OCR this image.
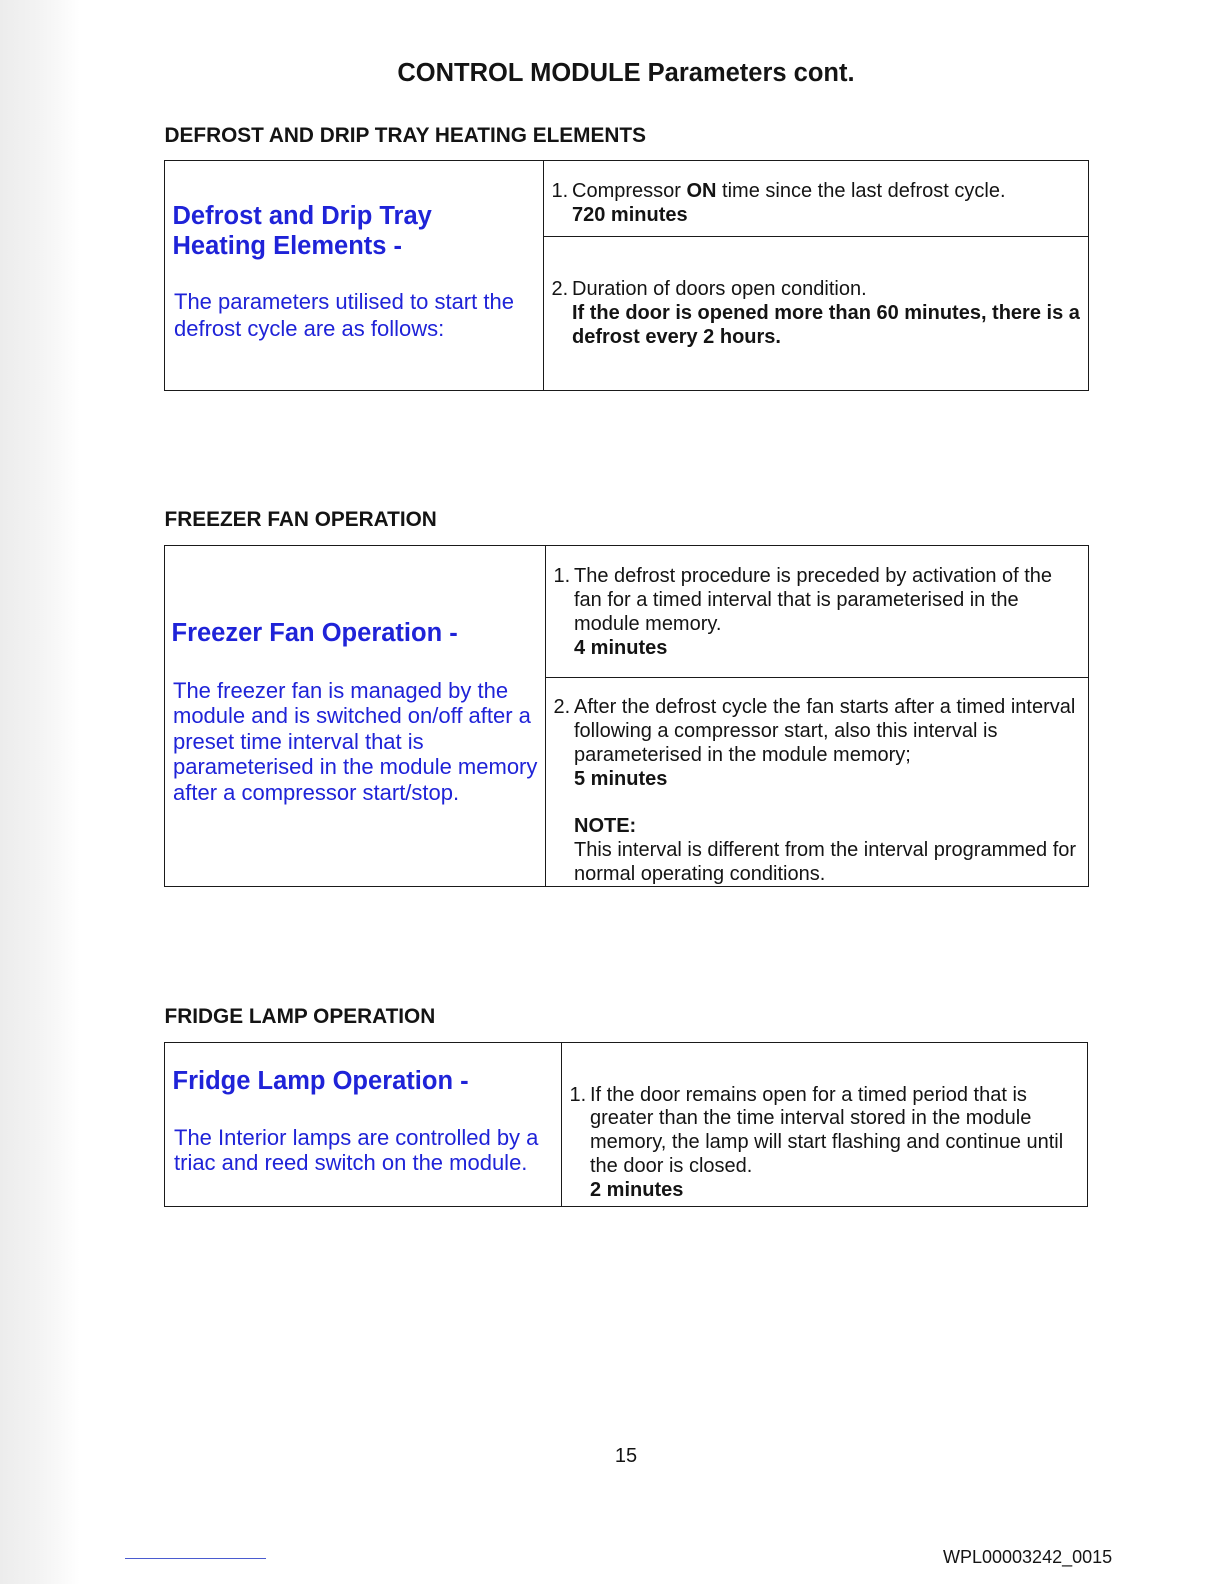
CONTROL MODULE Parameters cont.
DEFROST AND DRIP TRAY HEATING ELEMENTS
Defrost and Drip Tray
Heating Elements -
The parameters utilised to start the
defrost cycle are as follows:
1. Compressor ON time since the last defrost cycle.
720 minutes
2. Duration of doors open condition.
If the door is opened more than 60 minutes, there is a
defrost every 2 hours.
FREEZER FAN OPERATION
Freezer Fan Operation -
The freezer fan is managed by the
module and is switched on/off after a
preset time interval that is
parameterised in the module memory
after a compressor start/stop.
1. The defrost procedure is preceded by activation of the
fan for a timed interval that is parameterised in the
module memory.
4 minutes
2. After the defrost cycle the fan starts after a timed interval
following a compressor start, also this interval is
parameterised in the module memory;
5 minutes
NOTE:
This interval is different from the interval programmed for
normal operating conditions.
FRIDGE LAMP OPERATION
Fridge Lamp Operation -
The Interior lamps are controlled by a
triac and reed switch on the module.
1. If the door remains open for a timed period that is
greater than the time interval stored in the module
memory, the lamp will start flashing and continue until
the door is closed.
2 minutes
15
WPL00003242_0015
